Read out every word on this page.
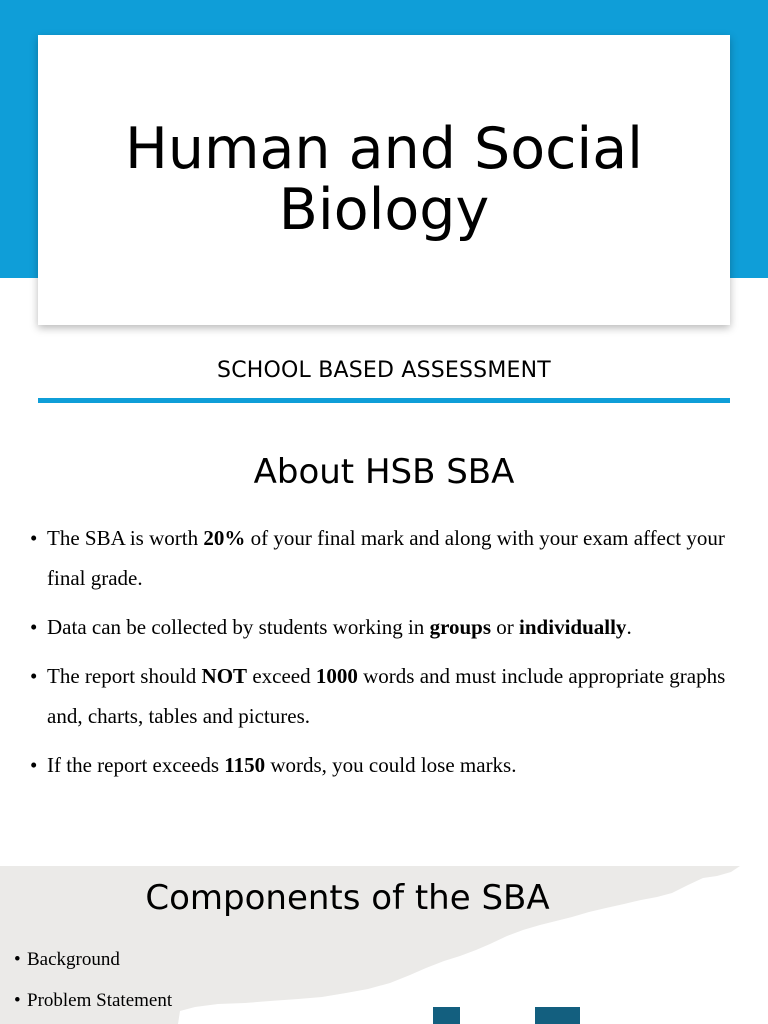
Human and Social Biology
SCHOOL BASED ASSESSMENT
About HSB SBA
• The SBA is worth 20% of your final mark and along with your exam affect your final grade.
• Data can be collected by students working in groups or individually.
• The report should NOT exceed 1000 words and must include appropriate graphs and, charts, tables and pictures.
• If the report exceeds 1150 words, you could lose marks.
Components of the SBA
• Background
• Problem Statement
